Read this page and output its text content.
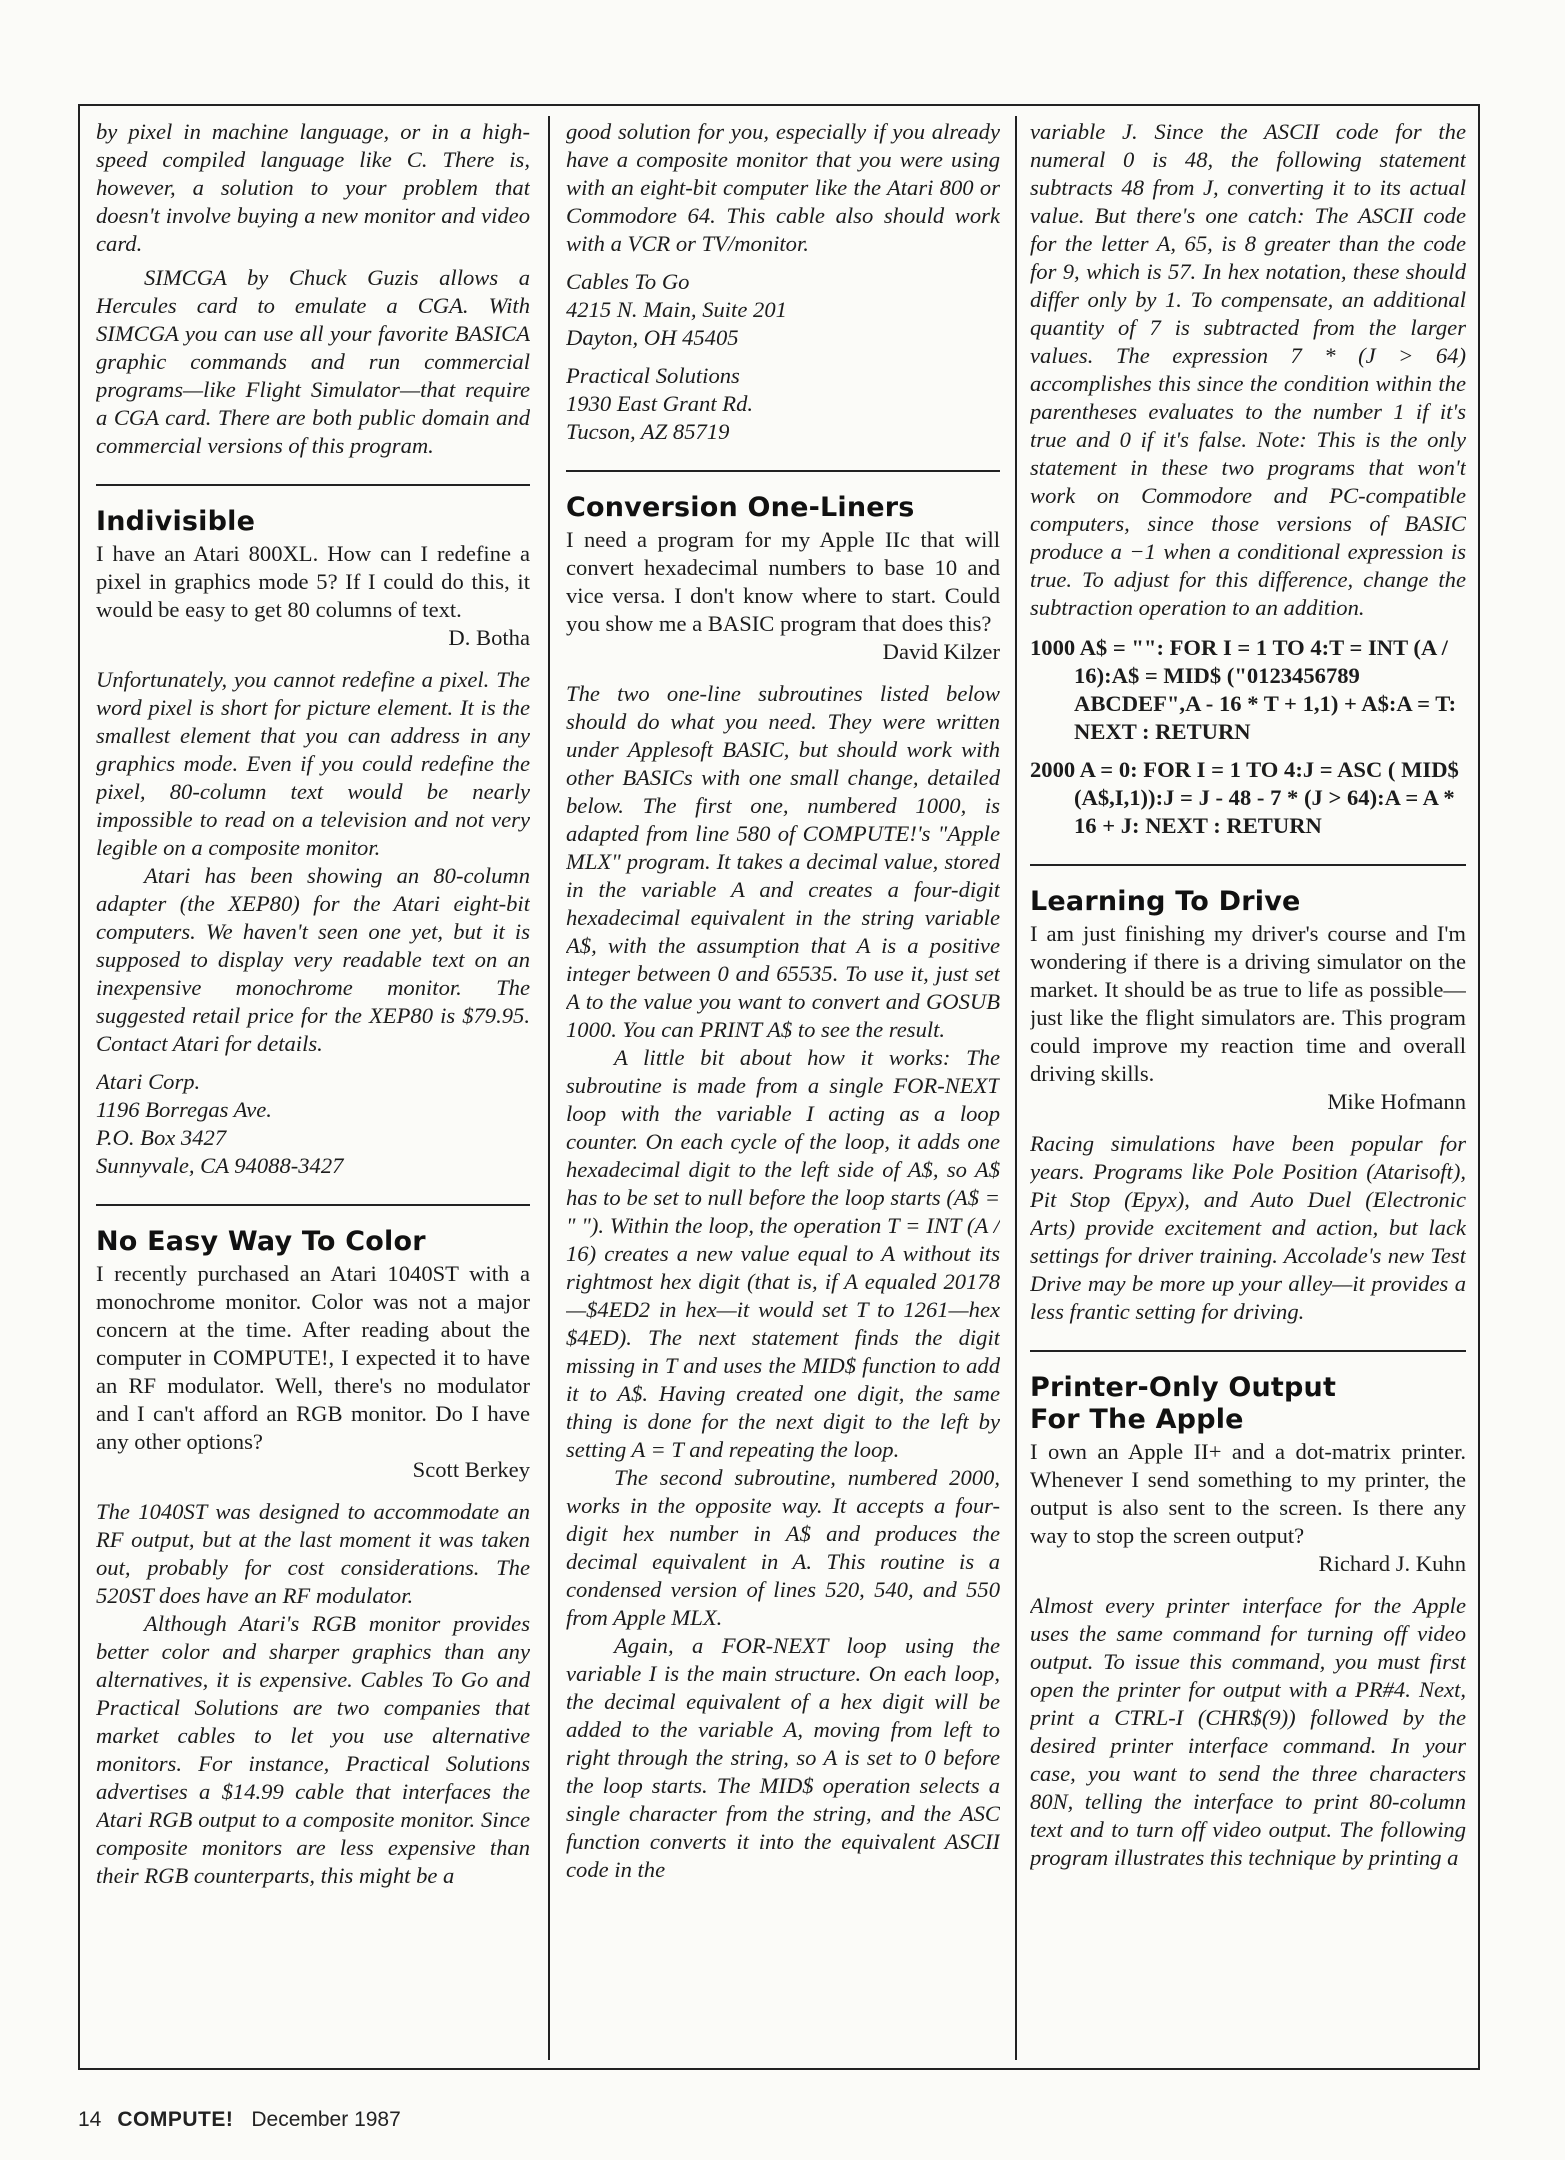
by pixel in machine language, or in a high-speed compiled language like C. There is, however, a solution to your problem that doesn't involve buying a new monitor and video card.

SIMCGA by Chuck Guzis allows a Hercules card to emulate a CGA. With SIMCGA you can use all your favorite BASICA graphic commands and run commercial programs—like Flight Simulator—that require a CGA card. There are both public domain and commercial versions of this program.

Indivisible

I have an Atari 800XL. How can I redefine a pixel in graphics mode 5? If I could do this, it would be easy to get 80 columns of text.

D. Botha

Unfortunately, you cannot redefine a pixel. The word pixel is short for picture element. It is the smallest element that you can address in any graphics mode. Even if you could redefine the pixel, 80-column text would be nearly impossible to read on a television and not very legible on a composite monitor.

Atari has been showing an 80-column adapter (the XEP80) for the Atari eight-bit computers. We haven't seen one yet, but it is supposed to display very readable text on an inexpensive monochrome monitor. The suggested retail price for the XEP80 is $79.95. Contact Atari for details.

Atari Corp.

1196 Borregas Ave.

P.O. Box 3427

Sunnyvale, CA 94088-3427

No Easy Way To Color

I recently purchased an Atari 1040ST with a monochrome monitor. Color was not a major concern at the time. After reading about the computer in COMPUTE!, I expected it to have an RF modulator. Well, there's no modulator and I can't afford an RGB monitor. Do I have any other options?

Scott Berkey

The 1040ST was designed to accommodate an RF output, but at the last moment it was taken out, probably for cost considerations. The 520ST does have an RF modulator.

Although Atari's RGB monitor provides better color and sharper graphics than any alternatives, it is expensive. Cables To Go and Practical Solutions are two companies that market cables to let you use alternative monitors. For instance, Practical Solutions advertises a $14.99 cable that interfaces the Atari RGB output to a composite monitor. Since composite monitors are less expensive than their RGB counterparts, this might be a

good solution for you, especially if you already have a composite monitor that you were using with an eight-bit computer like the Atari 800 or Commodore 64. This cable also should work with a VCR or TV/monitor.

Cables To Go

4215 N. Main, Suite 201

Dayton, OH 45405

Practical Solutions

1930 East Grant Rd.

Tucson, AZ 85719

Conversion One-Liners

I need a program for my Apple IIc that will convert hexadecimal numbers to base 10 and vice versa. I don't know where to start. Could you show me a BASIC program that does this?

David Kilzer

The two one-line subroutines listed below should do what you need. They were written under Applesoft BASIC, but should work with other BASICs with one small change, detailed below. The first one, numbered 1000, is adapted from line 580 of COMPUTE!'s "Apple MLX" program. It takes a decimal value, stored in the variable A and creates a four-digit hexadecimal equivalent in the string variable A$, with the assumption that A is a positive integer between 0 and 65535. To use it, just set A to the value you want to convert and GOSUB 1000. You can PRINT A$ to see the result.

A little bit about how it works: The subroutine is made from a single FOR-NEXT loop with the variable I acting as a loop counter. On each cycle of the loop, it adds one hexadecimal digit to the left side of A$, so A$ has to be set to null before the loop starts (A$ = " "). Within the loop, the operation T = INT (A / 16) creates a new value equal to A without its rightmost hex digit (that is, if A equaled 20178—$4ED2 in hex—it would set T to 1261—hex $4ED). The next statement finds the digit missing in T and uses the MID$ function to add it to A$. Having created one digit, the same thing is done for the next digit to the left by setting A = T and repeating the loop.

The second subroutine, numbered 2000, works in the opposite way. It accepts a four-digit hex number in A$ and produces the decimal equivalent in A. This routine is a condensed version of lines 520, 540, and 550 from Apple MLX.

Again, a FOR-NEXT loop using the variable I is the main structure. On each loop, the decimal equivalent of a hex digit will be added to the variable A, moving from left to right through the string, so A is set to 0 before the loop starts. The MID$ operation selects a single character from the string, and the ASC function converts it into the equivalent ASCII code in the

variable J. Since the ASCII code for the numeral 0 is 48, the following statement subtracts 48 from J, converting it to its actual value. But there's one catch: The ASCII code for the letter A, 65, is 8 greater than the code for 9, which is 57. In hex notation, these should differ only by 1. To compensate, an additional quantity of 7 is subtracted from the larger values. The expression 7 * (J > 64) accomplishes this since the condition within the parentheses evaluates to the number 1 if it's true and 0 if it's false. Note: This is the only statement in these two programs that won't work on Commodore and PC-compatible computers, since those versions of BASIC produce a −1 when a conditional expression is true. To adjust for this difference, change the subtraction operation to an addition.

1000 A$ = "": FOR I = 1 TO 4:T = INT (A / 16):A$ = MID$ ("0123456789 ABCDEF",A - 16 * T + 1,1) + A$:A = T: NEXT : RETURN

2000 A = 0: FOR I = 1 TO 4:J = ASC ( MID$ (A$,I,1)):J = J - 48 - 7 * (J > 64):A = A * 16 + J: NEXT : RETURN

Learning To Drive

I am just finishing my driver's course and I'm wondering if there is a driving simulator on the market. It should be as true to life as possible—just like the flight simulators are. This program could improve my reaction time and overall driving skills.

Mike Hofmann

Racing simulations have been popular for years. Programs like Pole Position (Atarisoft), Pit Stop (Epyx), and Auto Duel (Electronic Arts) provide excitement and action, but lack settings for driver training. Accolade's new Test Drive may be more up your alley—it provides a less frantic setting for driving.

Printer-Only Output
For The Apple

I own an Apple II+ and a dot-matrix printer. Whenever I send something to my printer, the output is also sent to the screen. Is there any way to stop the screen output?

Richard J. Kuhn

Almost every printer interface for the Apple uses the same command for turning off video output. To issue this command, you must first open the printer for output with a PR#4. Next, print a CTRL-I (CHR$(9)) followed by the desired printer interface command. In your case, you want to send the three characters 80N, telling the interface to print 80-column text and to turn off video output. The following program illustrates this technique by printing a

14 COMPUTE! December 1987
